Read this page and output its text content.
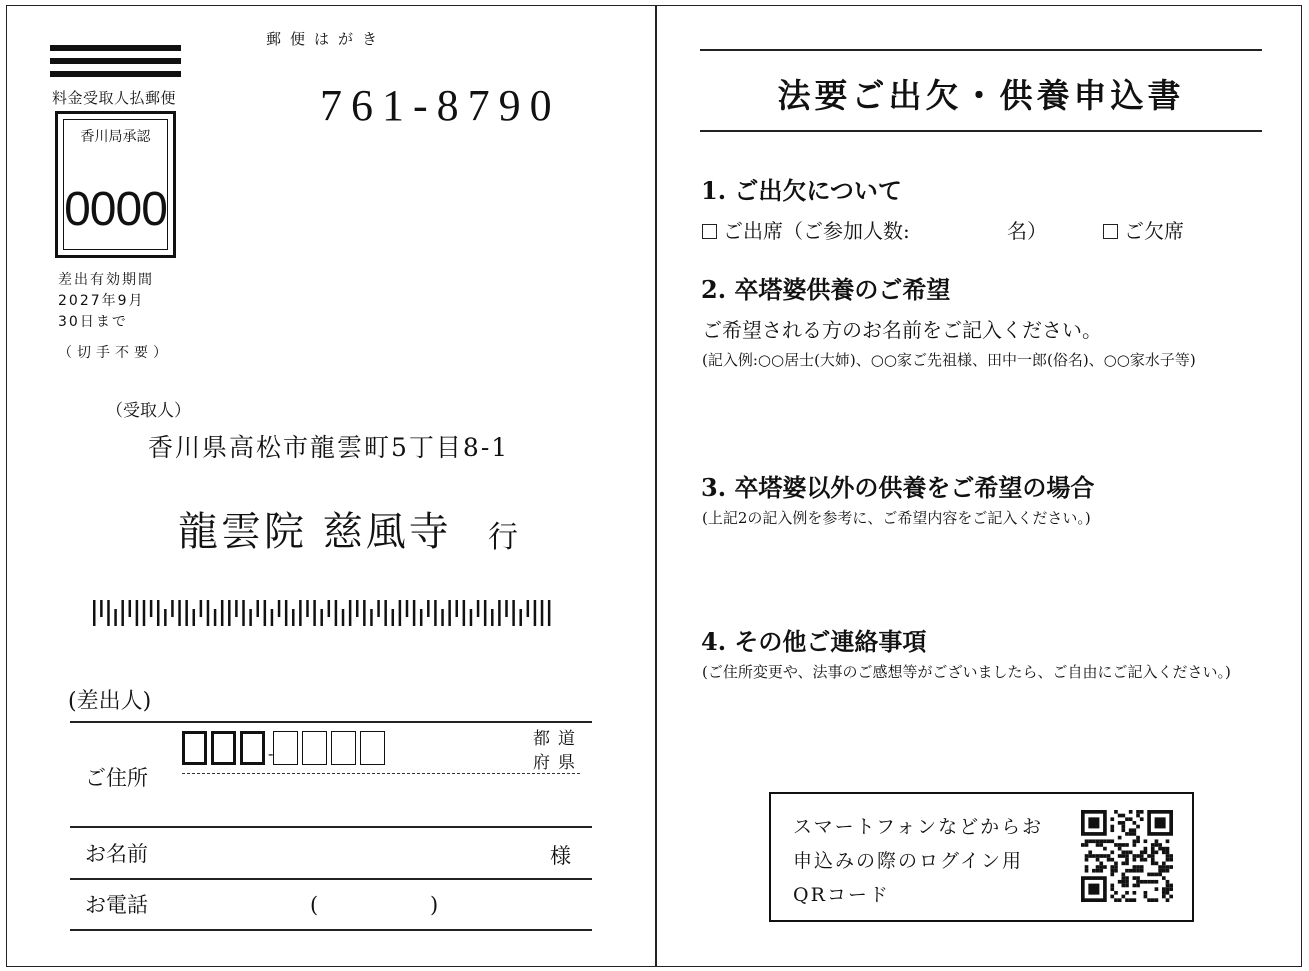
料金受取人払郵便
香川局承認
0000
郵便はがき
761-8790
差出有効期間
2027年9月
30日まで
（切手不要）
（受取人）
香川県高松市龍雲町5丁目8-1
龍雲院 慈風寺 行
(差出人)
ご住所
-
都道
府県
お名前	様
お電話	(	)
法要ご出欠・供養申込書
1. ご出欠について
ご出席（ご参加人数:	名）	ご欠席
2. 卒塔婆供養のご希望
ご希望される方のお名前をご記入ください。
(記入例:○○居士(大姉)、○○家ご先祖様、田中一郎(俗名)、○○家水子等)
3. 卒塔婆以外の供養をご希望の場合
(上記2の記入例を参考に、ご希望内容をご記入ください。)
4. その他ご連絡事項
(ご住所変更や、法事のご感想等がございましたら、ご自由にご記入ください。)
スマートフォンなどからお
申込みの際のログイン用
QRコード
